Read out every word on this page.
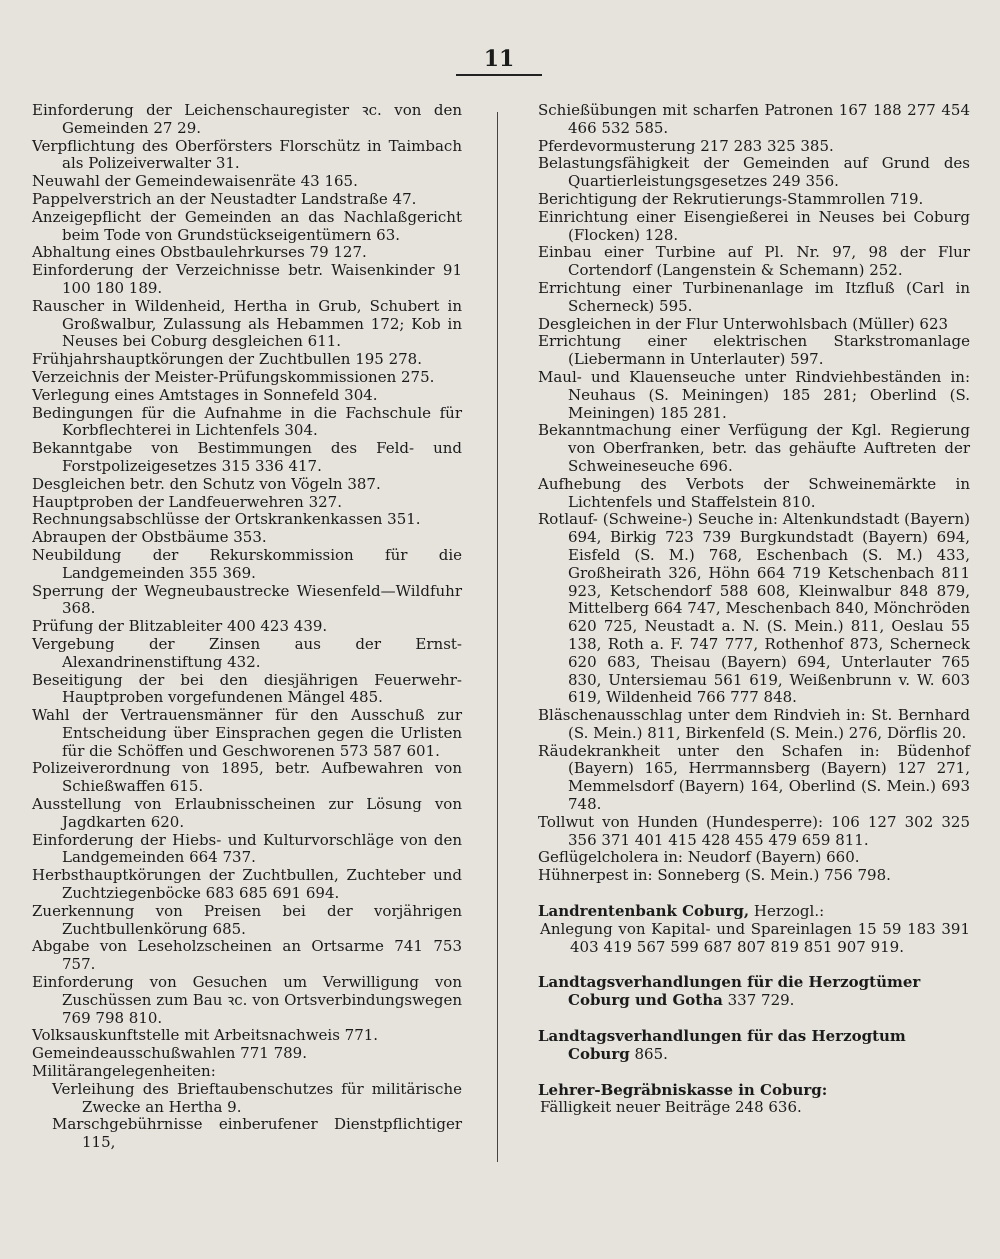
11

Einforderung der Leichenschauregister ꝛc. von den Gemeinden 27 29.

Verpflichtung des Oberförsters Florschütz in Taimbach als Polizeiverwalter 31.

Neuwahl der Gemeindewaisenräte 43 165.

Pappelverstrich an der Neustadter Landstraße 47.

Anzeigepflicht der Gemeinden an das Nachlaßgericht beim Tode von Grundstückseigentümern 63.

Abhaltung eines Obstbaulehrkurses 79 127.

Einforderung der Verzeichnisse betr. Waisenkinder 91 100 180 189.

Rauscher in Wildenheid, Hertha in Grub, Schubert in Großwalbur, Zulassung als Hebammen 172; Kob in Neuses bei Coburg desgleichen 611.

Frühjahrshauptkörungen der Zuchtbullen 195 278.

Verzeichnis der Meister-Prüfungskommissionen 275.

Verlegung eines Amtstages in Sonnefeld 304.

Bedingungen für die Aufnahme in die Fachschule für Korbflechterei in Lichtenfels 304.

Bekanntgabe von Bestimmungen des Feld- und Forstpolizeigesetzes 315 336 417.

Desgleichen betr. den Schutz von Vögeln 387.

Hauptproben der Landfeuerwehren 327.

Rechnungsabschlüsse der Ortskrankenkassen 351.

Abraupen der Obstbäume 353.

Neubildung der Rekurskommission für die Landgemeinden 355 369.

Sperrung der Wegneubaustrecke Wiesenfeld—Wildfuhr 368.

Prüfung der Blitzableiter 400 423 439.

Vergebung der Zinsen aus der Ernst-Alexandrinenstiftung 432.

Beseitigung der bei den diesjährigen Feuerwehr-Hauptproben vorgefundenen Mängel 485.

Wahl der Vertrauensmänner für den Ausschuß zur Entscheidung über Einsprachen gegen die Urlisten für die Schöffen und Geschworenen 573 587 601.

Polizeiverordnung von 1895, betr. Aufbewahren von Schießwaffen 615.

Ausstellung von Erlaubnisscheinen zur Lösung von Jagdkarten 620.

Einforderung der Hiebs- und Kulturvorschläge von den Landgemeinden 664 737.

Herbsthauptkörungen der Zuchtbullen, Zuchteber und Zuchtziegenböcke 683 685 691 694.

Zuerkennung von Preisen bei der vorjährigen Zuchtbullenkörung 685.

Abgabe von Leseholzscheinen an Ortsarme 741 753 757.

Einforderung von Gesuchen um Verwilligung von Zuschüssen zum Bau ꝛc. von Ortsverbindungswegen 769 798 810.

Volksauskunftstelle mit Arbeitsnachweis 771.

Gemeindeausschußwahlen 771 789.

Militärangelegenheiten:

Verleihung des Brieftaubenschutzes für militärische Zwecke an Hertha 9.

Marschgebührnisse einberufener Dienstpflichtiger 115,

Schießübungen mit scharfen Patronen 167 188 277 454 466 532 585.

Pferdevormusterung 217 283 325 385.

Belastungsfähigkeit der Gemeinden auf Grund des Quartierleistungsgesetzes 249 356.

Berichtigung der Rekrutierungs-Stammrollen 719.

Einrichtung einer Eisengießerei in Neuses bei Coburg (Flocken) 128.

Einbau einer Turbine auf Pl. Nr. 97, 98 der Flur Cortendorf (Langenstein & Schemann) 252.

Errichtung einer Turbinenanlage im Itzfluß (Carl in Scherneck) 595.

Desgleichen in der Flur Unterwohlsbach (Müller) 623

Errichtung einer elektrischen Starkstromanlage (Liebermann in Unterlauter) 597.

Maul- und Klauenseuche unter Rindviehbeständen in: Neuhaus (S. Meiningen) 185 281; Oberlind (S. Meiningen) 185 281.

Bekanntmachung einer Verfügung der Kgl. Regierung von Oberfranken, betr. das gehäufte Auftreten der Schweineseuche 696.

Aufhebung des Verbots der Schweinemärkte in Lichtenfels und Staffelstein 810.

Rotlauf- (Schweine-) Seuche in: Altenkundstadt (Bayern) 694, Birkig 723 739 Burgkundstadt (Bayern) 694, Eisfeld (S. M.) 768, Eschenbach (S. M.) 433, Großheirath 326, Höhn 664 719 Ketschenbach 811 923, Ketschendorf 588 608, Kleinwalbur 848 879, Mittelberg 664 747, Meschenbach 840, Mönchröden 620 725, Neustadt a. N. (S. Mein.) 811, Oeslau 55 138, Roth a. F. 747 777, Rothenhof 873, Scherneck 620 683, Theisau (Bayern) 694, Unterlauter 765 830, Untersiemau 561 619, Weißenbrunn v. W. 603 619, Wildenheid 766 777 848.

Bläschenausschlag unter dem Rindvieh in: St. Bernhard (S. Mein.) 811, Birkenfeld (S. Mein.) 276, Dörflis 20.

Räudekrankheit unter den Schafen in: Büdenhof (Bayern) 165, Herrmannsberg (Bayern) 127 271, Memmelsdorf (Bayern) 164, Oberlind (S. Mein.) 693 748.

Tollwut von Hunden (Hundesperre): 106 127 302 325 356 371 401 415 428 455 479 659 811.

Geflügelcholera in: Neudorf (Bayern) 660.

Hühnerpest in: Sonneberg (S. Mein.) 756 798.

Landrentenbank Coburg, Herzogl.:

Anlegung von Kapital- und Spareinlagen 15 59 183 391 403 419 567 599 687 807 819 851 907 919.

Landtagsverhandlungen für die Herzogtümer Coburg und Gotha 337 729.

Landtagsverhandlungen für das Herzogtum Coburg 865.

Lehrer-Begräbniskasse in Coburg:

Fälligkeit neuer Beiträge 248 636.
